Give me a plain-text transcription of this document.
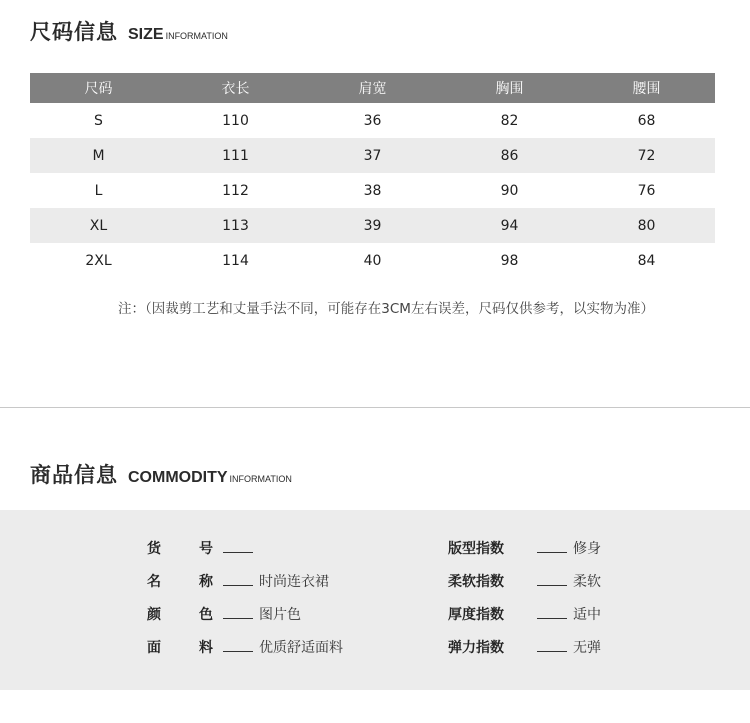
尺码信息 SIZE INFORMATION
尺码	衣长	肩宽	胸围	腰围
S	110	36	82	68
M	111	37	86	72
L	112	38	90	76
XL	113	39	94	80
2XL	114	40	98	84
注：（因裁剪工艺和丈量手法不同，可能存在3CM左右误差，尺码仅供参考，以实物为准）
商品信息 COMMODITY INFORMATION
货	号
名	称	时尚连衣裙
颜	色	图片色
面	料	优质舒适面料
版型指数	修身
柔软指数	柔软
厚度指数	适中
弹力指数	无弹
